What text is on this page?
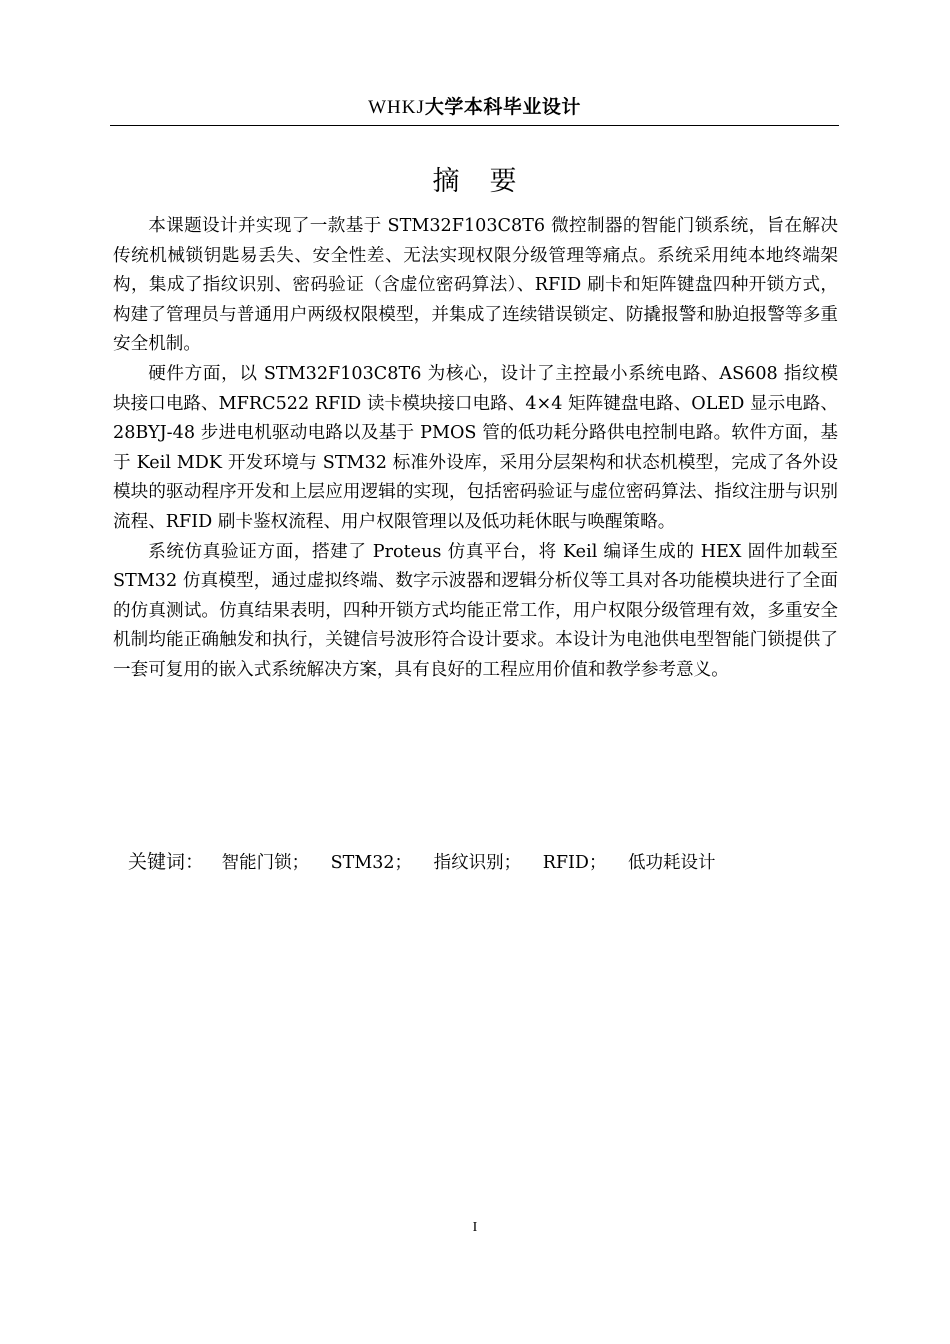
WHKJ大学本科毕业设计
摘要

本课题设计并实现了一款基于 STM32F103C8T6 微控制器的智能门锁系统，旨在解决传统机械锁钥匙易丢失、安全性差、无法实现权限分级管理等痛点。系统采用纯本地终端架构，集成了指纹识别、密码验证（含虚位密码算法）、RFID 刷卡和矩阵键盘四种开锁方式，构建了管理员与普通用户两级权限模型，并集成了连续错误锁定、防撬报警和胁迫报警等多重安全机制。

硬件方面，以 STM32F103C8T6 为核心，设计了主控最小系统电路、AS608 指纹模块接口电路、MFRC522 RFID 读卡模块接口电路、4×4 矩阵键盘电路、OLED 显示电路、28BYJ-48 步进电机驱动电路以及基于 PMOS 管的低功耗分路供电控制电路。软件方面，基于 Keil MDK 开发环境与 STM32 标准外设库，采用分层架构和状态机模型，完成了各外设模块的驱动程序开发和上层应用逻辑的实现，包括密码验证与虚位密码算法、指纹注册与识别流程、RFID 刷卡鉴权流程、用户权限管理以及低功耗休眠与唤醒策略。

系统仿真验证方面，搭建了 Proteus 仿真平台，将 Keil 编译生成的 HEX 固件加载至 STM32 仿真模型，通过虚拟终端、数字示波器和逻辑分析仪等工具对各功能模块进行了全面的仿真测试。仿真结果表明，四种开锁方式均能正常工作，用户权限分级管理有效，多重安全机制均能正确触发和执行，关键信号波形符合设计要求。本设计为电池供电型智能门锁提供了一套可复用的嵌入式系统解决方案，具有良好的工程应用价值和教学参考意义。

关键词： 智能门锁； STM32； 指纹识别； RFID； 低功耗设计
I
